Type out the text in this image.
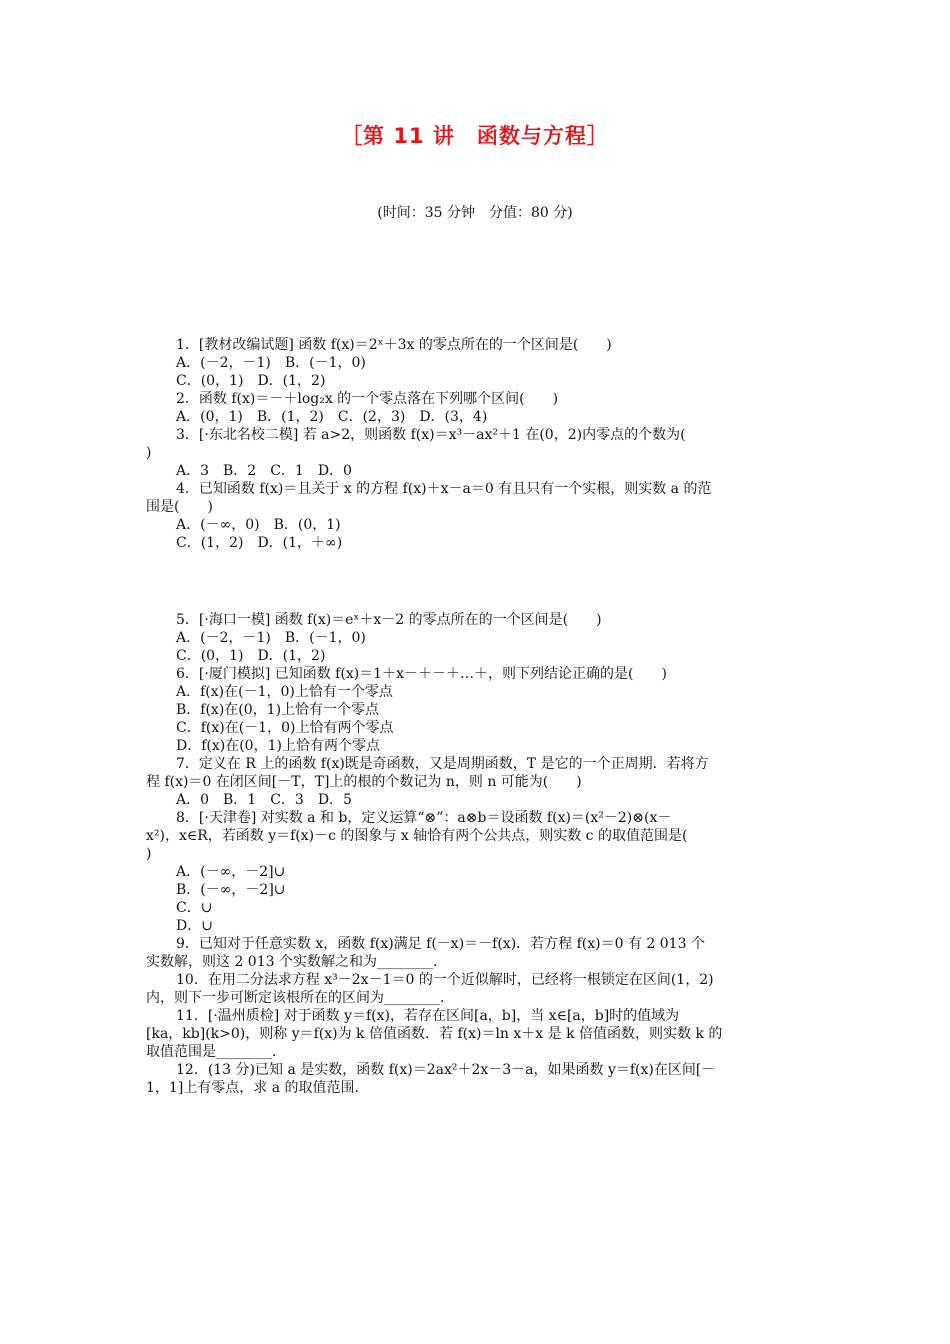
［第 11 讲　函数与方程］
(时间：35 分钟　分值：80 分)
1．[教材改编试题] 函数 f(x)＝2ˣ＋3x 的零点所在的一个区间是(　　)
A．(－2，－1)　B．(－1，0)
C．(0，1)　D．(1，2)
2．函数 f(x)＝－＋log₂x 的一个零点落在下列哪个区间(　　)
A．(0，1)　B．(1，2)　C．(2，3)　D．(3，4)
3．[·东北名校二模] 若 a>2，则函数 f(x)＝x³－ax²＋1 在(0，2)内零点的个数为(
)
A．3　B．2　C．1　D．0
4．已知函数 f(x)＝且关于 x 的方程 f(x)＋x－a＝0 有且只有一个实根，则实数 a 的范
围是(　　)
A．(－∞，0)　B．(0，1)
C．(1，2)　D．(1，＋∞)
5．[·海口一模] 函数 f(x)＝eˣ＋x－2 的零点所在的一个区间是(　　)
A．(－2，－1)　B．(－1，0)
C．(0，1)　D．(1，2)
6．[·厦门模拟] 已知函数 f(x)＝1＋x－＋－＋…＋，则下列结论正确的是(　　)
A．f(x)在(－1，0)上恰有一个零点
B．f(x)在(0，1)上恰有一个零点
C．f(x)在(－1，0)上恰有两个零点
D．f(x)在(0，1)上恰有两个零点
7．定义在 R 上的函数 f(x)既是奇函数，又是周期函数，T 是它的一个正周期．若将方
程 f(x)＝0 在闭区间[－T，T]上的根的个数记为 n，则 n 可能为(　　)
A．0　B．1　C．3　D．5
8．[·天津卷] 对实数 a 和 b，定义运算“⊗”：a⊗b＝设函数 f(x)＝(x²－2)⊗(x－
x²)，x∈R，若函数 y＝f(x)－c 的图象与 x 轴恰有两个公共点，则实数 c 的取值范围是(
)
A．(－∞，－2]∪
B．(－∞，－2]∪
C．∪
D．∪
9．已知对于任意实数 x，函数 f(x)满足 f(－x)＝－f(x)．若方程 f(x)＝0 有 2 013 个
实数解，则这 2 013 个实数解之和为________．
10．在用二分法求方程 x³－2x－1＝0 的一个近似解时，已经将一根锁定在区间(1，2)
内，则下一步可断定该根所在的区间为________．
11．[·温州质检] 对于函数 y＝f(x)，若存在区间[a，b]，当 x∈[a，b]时的值域为
[ka，kb](k>0)，则称 y＝f(x)为 k 倍值函数．若 f(x)＝ln x＋x 是 k 倍值函数，则实数 k 的
取值范围是________．
12．(13 分)已知 a 是实数，函数 f(x)＝2ax²＋2x－3－a，如果函数 y＝f(x)在区间[－
1，1]上有零点，求 a 的取值范围．
